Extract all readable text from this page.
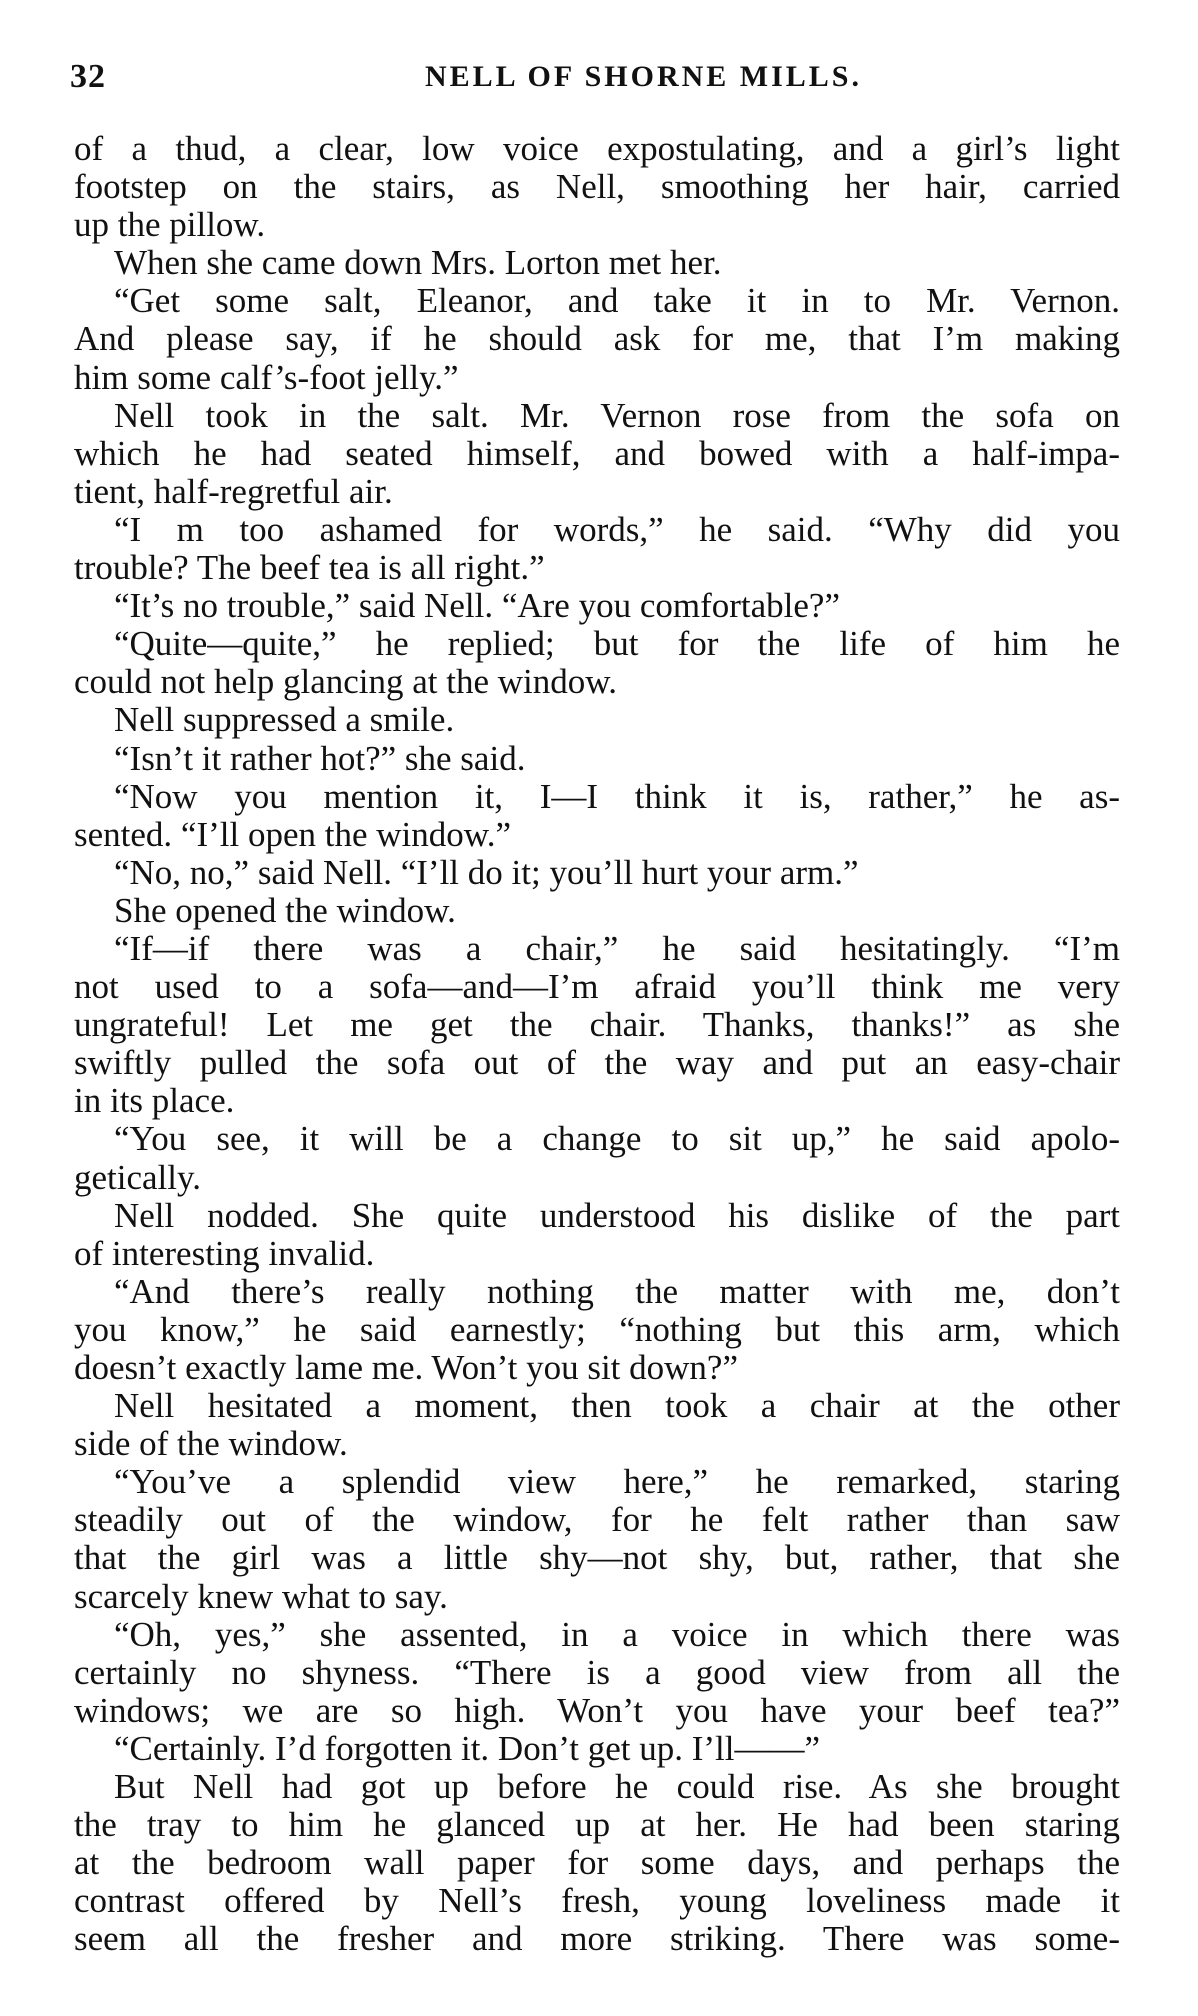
32	NELL OF SHORNE MILLS.
of a thud, a clear, low voice expostulating, and a girl’s light
footstep on the stairs, as Nell, smoothing her hair, carried
up the pillow.
When she came down Mrs. Lorton met her.
“Get some salt, Eleanor, and take it in to Mr. Vernon.
And please say, if he should ask for me, that I’m making
him some calf’s-foot jelly.”
Nell took in the salt. Mr. Vernon rose from the sofa on
which he had seated himself, and bowed with a half-impa-
tient, half-regretful air.
“I m too ashamed for words,” he said. “Why did you
trouble? The beef tea is all right.”
“It’s no trouble,” said Nell. “Are you comfortable?”
“Quite—quite,” he replied; but for the life of him he
could not help glancing at the window.
Nell suppressed a smile.
“Isn’t it rather hot?” she said.
“Now you mention it, I—I think it is, rather,” he as-
sented. “I’ll open the window.”
“No, no,” said Nell. “I’ll do it; you’ll hurt your arm.”
She opened the window.
“If—if there was a chair,” he said hesitatingly. “I’m
not used to a sofa—and—I’m afraid you’ll think me very
ungrateful! Let me get the chair. Thanks, thanks!” as she
swiftly pulled the sofa out of the way and put an easy-chair
in its place.
“You see, it will be a change to sit up,” he said apolo-
getically.
Nell nodded. She quite understood his dislike of the part
of interesting invalid.
“And there’s really nothing the matter with me, don’t
you know,” he said earnestly; “nothing but this arm, which
doesn’t exactly lame me. Won’t you sit down?”
Nell hesitated a moment, then took a chair at the other
side of the window.
“You’ve a splendid view here,” he remarked, staring
steadily out of the window, for he felt rather than saw
that the girl was a little shy—not shy, but, rather, that she
scarcely knew what to say.
“Oh, yes,” she assented, in a voice in which there was
certainly no shyness. “There is a good view from all the
windows; we are so high. Won’t you have your beef tea?”
“Certainly. I’d forgotten it. Don’t get up. I’ll——”
But Nell had got up before he could rise. As she brought
the tray to him he glanced up at her. He had been staring
at the bedroom wall paper for some days, and perhaps the
contrast offered by Nell’s fresh, young loveliness made it
seem all the fresher and more striking. There was some-
